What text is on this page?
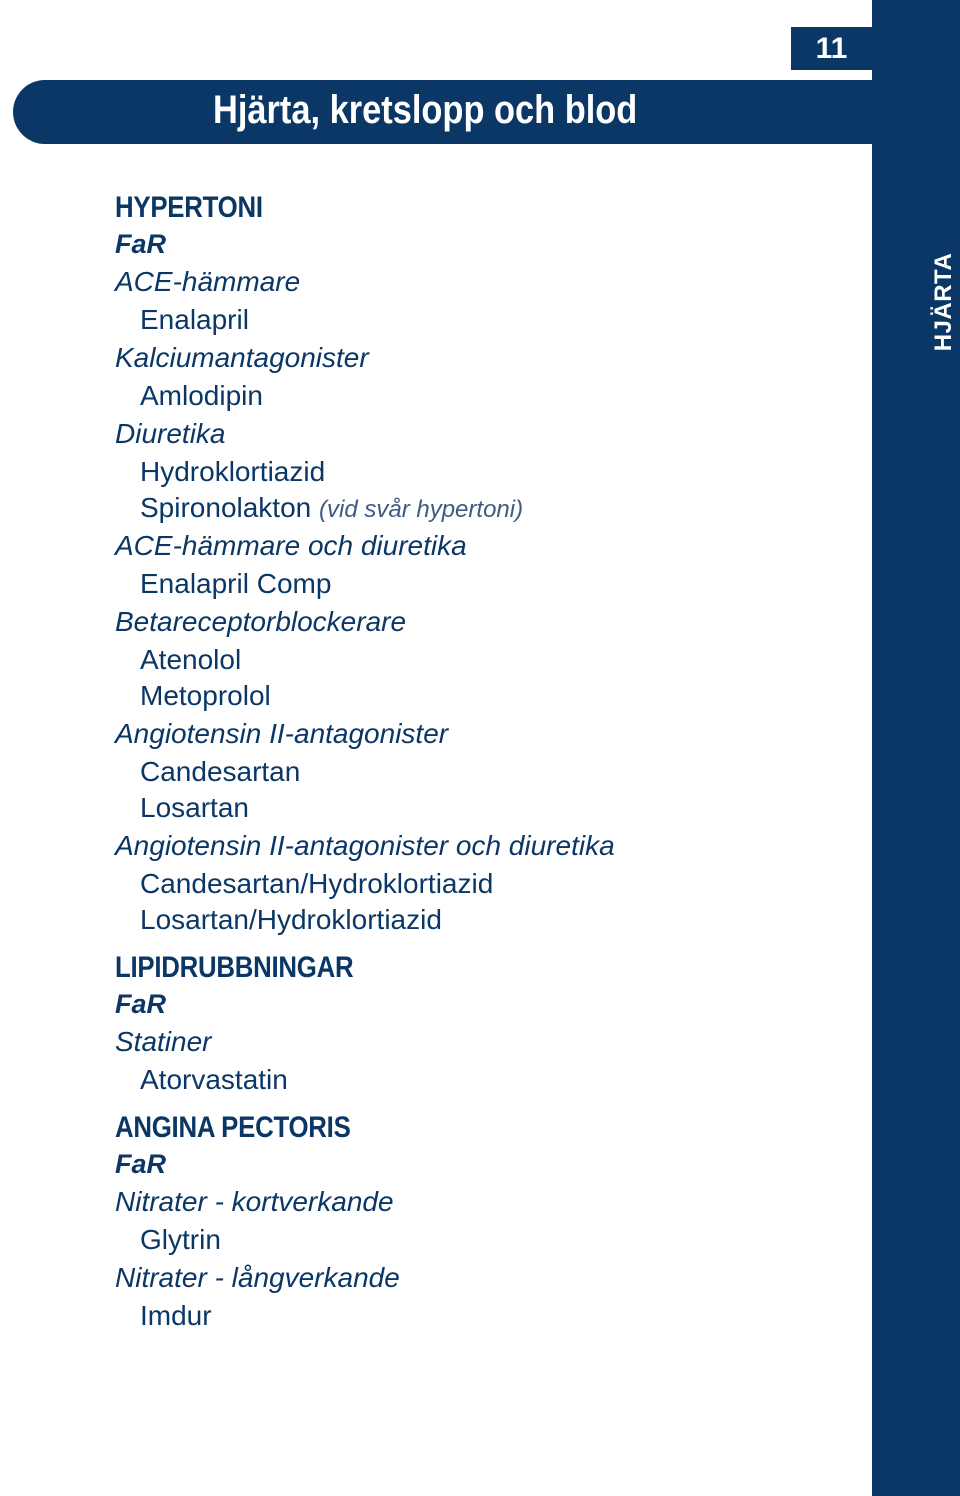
HJÄRTA
11
Hjärta, kretslopp och blod
HYPERTONI
FaR
ACE-hämmare
Enalapril
Kalciumantagonister
Amlodipin
Diuretika
Hydroklortiazid
Spironolakton (vid svår hypertoni)
ACE-hämmare och diuretika
Enalapril Comp
Betareceptorblockerare
Atenolol
Metoprolol
Angiotensin II-antagonister
Candesartan
Losartan
Angiotensin II-antagonister och diuretika
Candesartan/Hydroklortiazid
Losartan/Hydroklortiazid
LIPIDRUBBNINGAR
FaR
Statiner
Atorvastatin
ANGINA PECTORIS
FaR
Nitrater - kortverkande
Glytrin
Nitrater - långverkande
Imdur
